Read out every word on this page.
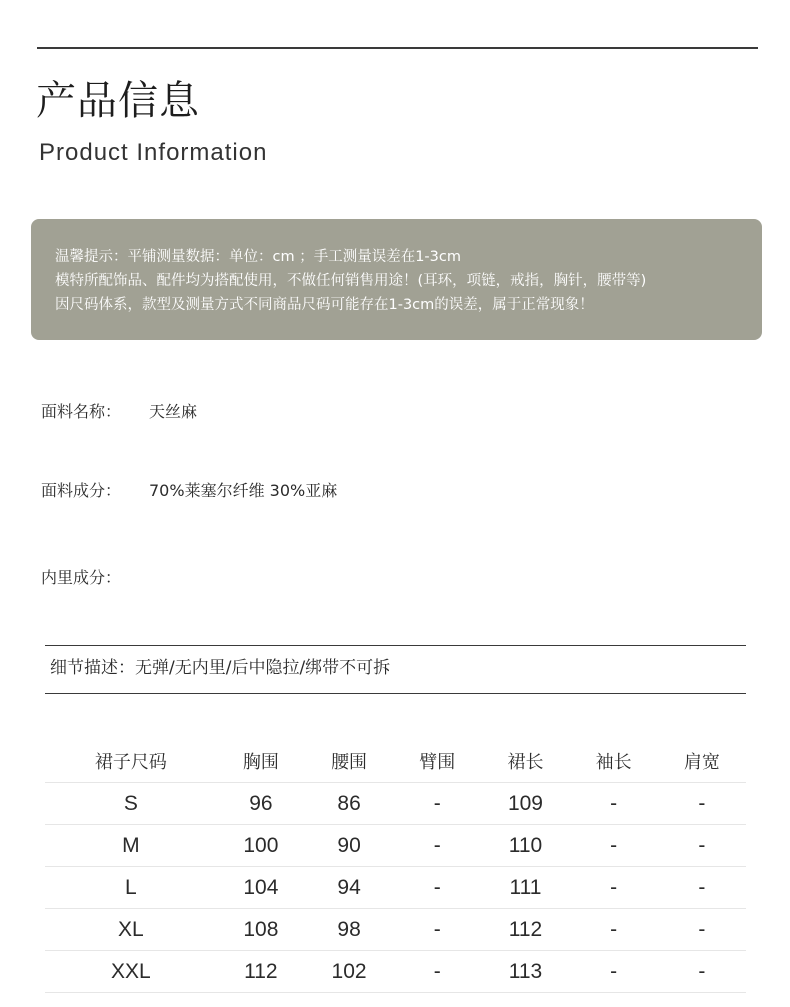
产品信息
Product Information
温馨提示：平铺测量数据：单位：cm ；手工测量误差在1-3cm
模特所配饰品、配件均为搭配使用，不做任何销售用途！(耳环，项链，戒指，胸针，腰带等)
因尺码体系，款型及测量方式不同商品尺码可能存在1-3cm的误差，属于正常现象！
面料名称： 天丝麻
面料成分： 70%莱塞尔纤维 30%亚麻
内里成分：
细节描述：无弹/无内里/后中隐拉/绑带不可拆
裙子尺码	胸围	腰围	臂围	裙长	袖长	肩宽
S	96	86	-	109	-	-
M	100	90	-	110	-	-
L	104	94	-	111	-	-
XL	108	98	-	112	-	-
XXL	112	102	-	113	-	-
